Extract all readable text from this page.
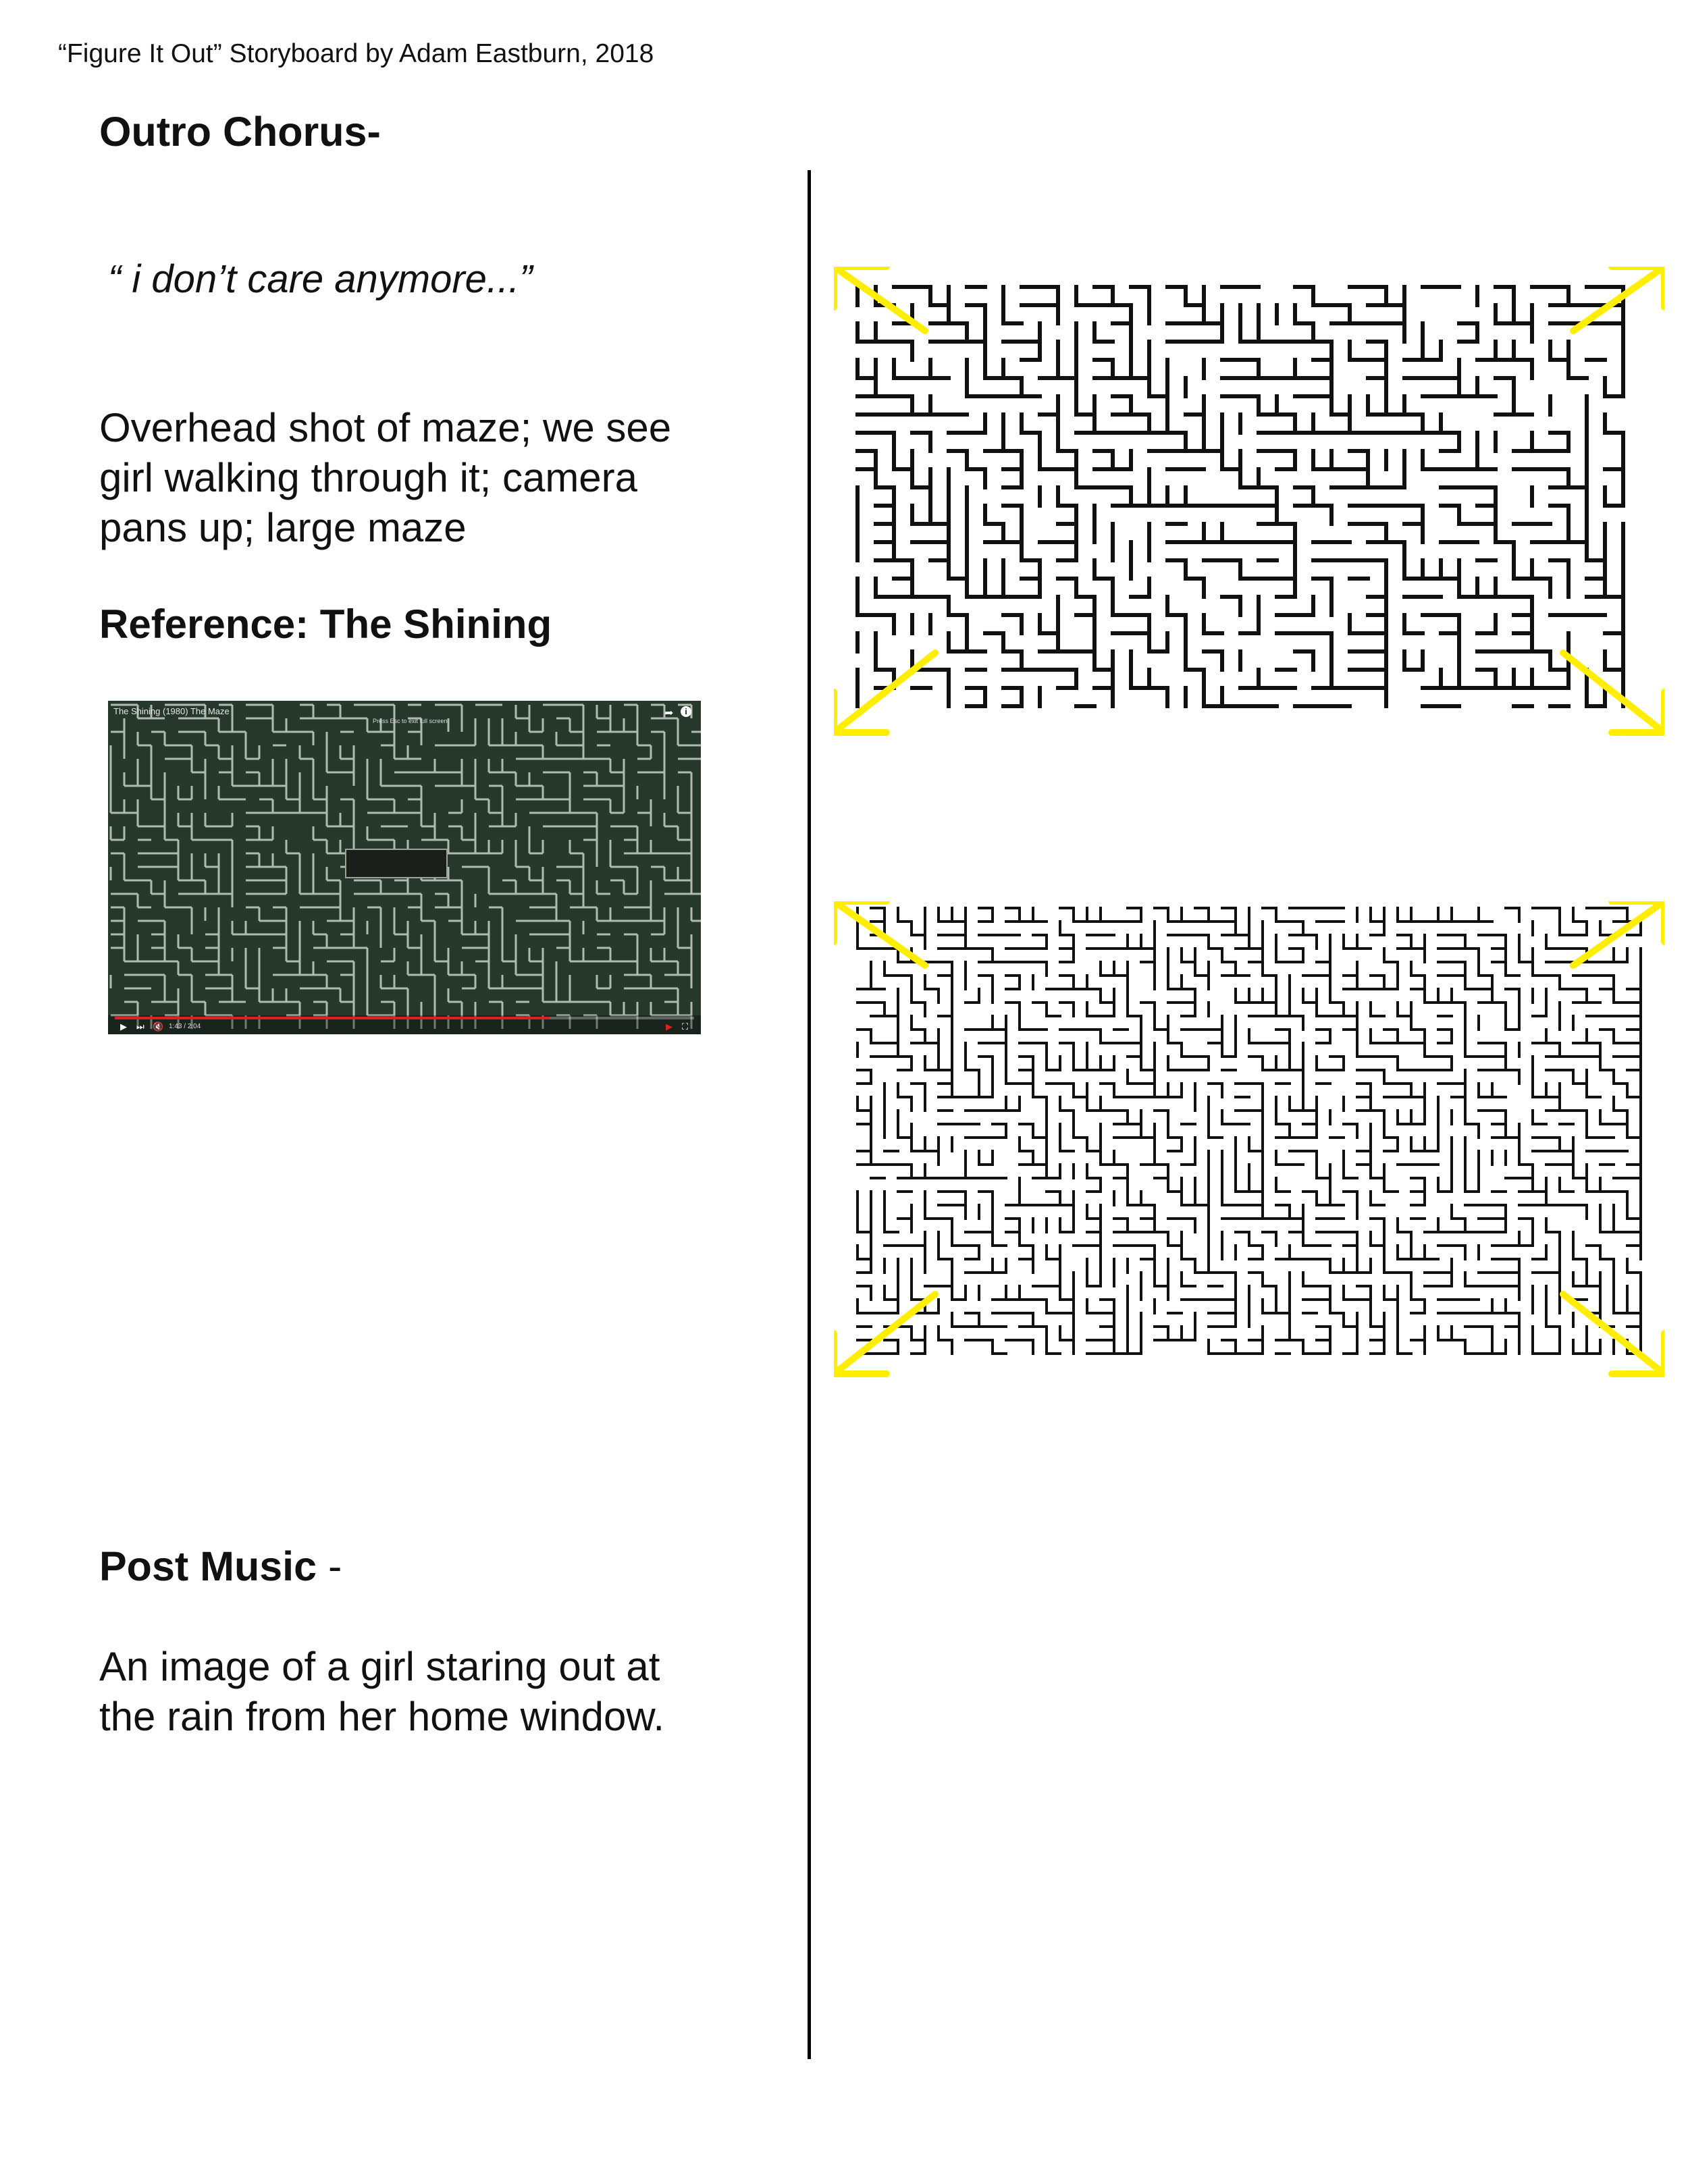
“Figure It Out” Storyboard by Adam Eastburn, 2018
Outro Chorus-
“ i don’t care anymore...”
Overhead shot of maze; we see
girl walking through it; camera
pans up; large maze
Reference: The Shining
The Shining (1980) The Maze
Press Esc to exit full screen
➦	i
▶ ⏭ 🔇 1:43 / 2:04	▶ ⛶
Post Music -
An image of a girl staring out at
the rain from her home window.
